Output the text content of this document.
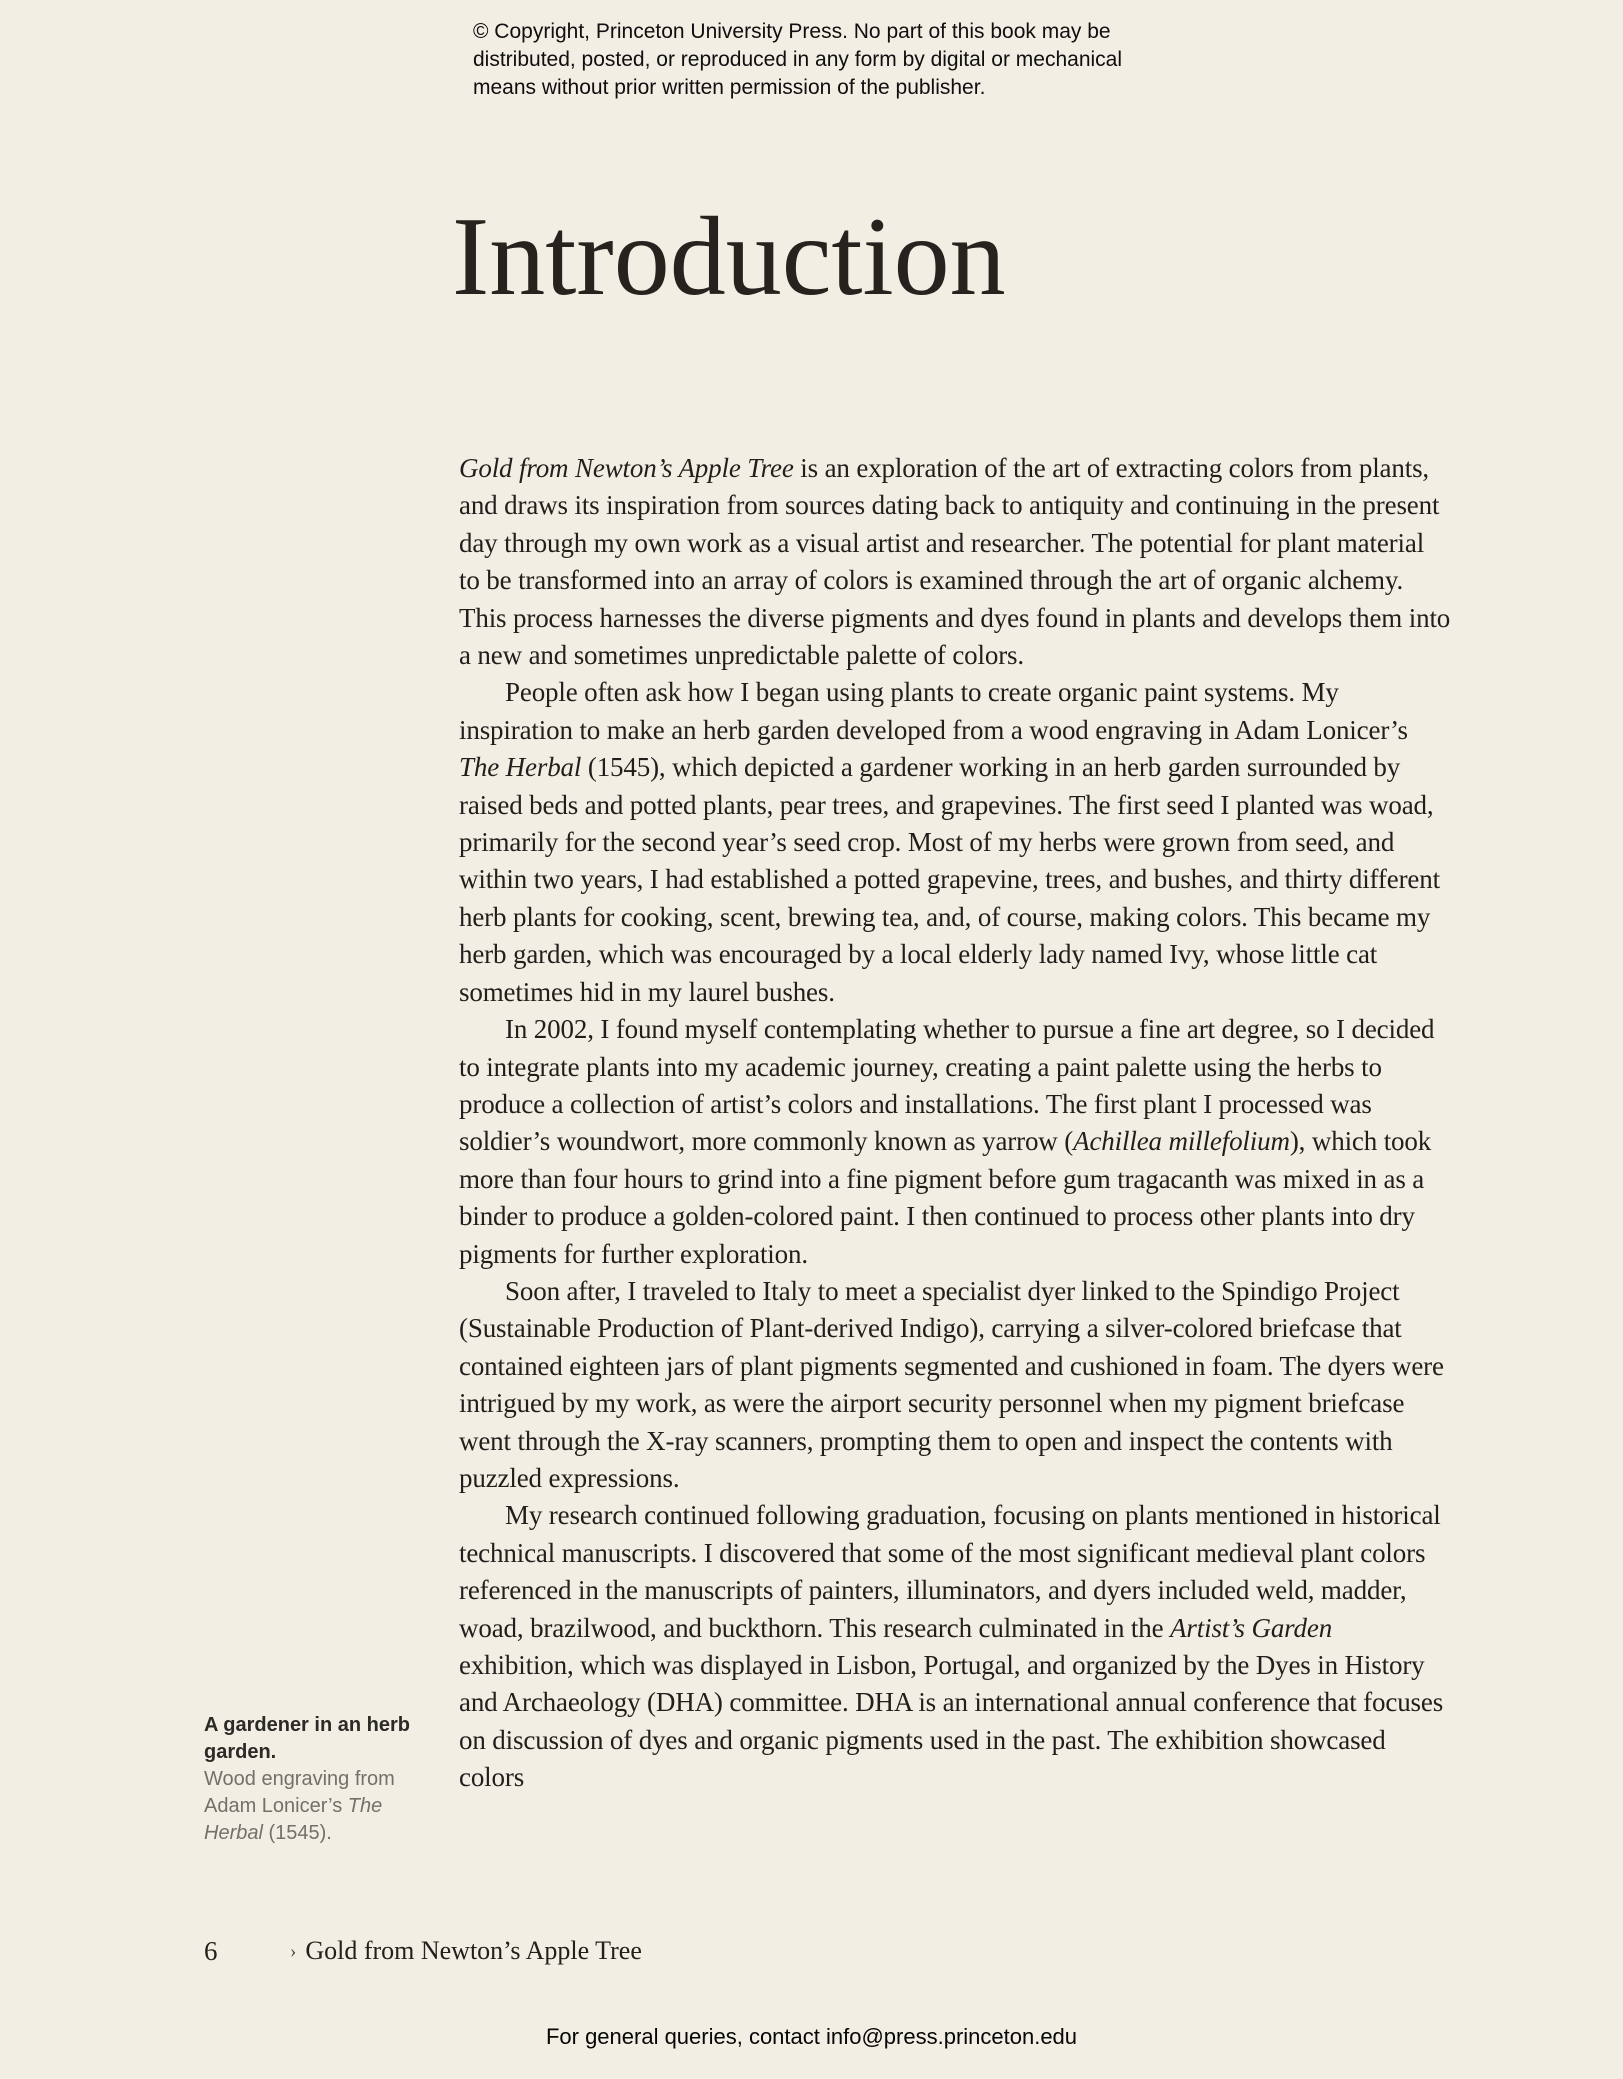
© Copyright, Princeton University Press. No part of this book may be distributed, posted, or reproduced in any form by digital or mechanical means without prior written permission of the publisher.
Introduction

Gold from Newton’s Apple Tree is an exploration of the art of extracting colors from plants, and draws its inspiration from sources dating back to antiquity and continuing in the present day through my own work as a visual artist and researcher. The potential for plant material to be transformed into an array of colors is examined through the art of organic alchemy. This process harnesses the diverse pigments and dyes found in plants and develops them into a new and sometimes unpredictable palette of colors.

People often ask how I began using plants to create organic paint systems. My inspiration to make an herb garden developed from a wood engraving in Adam Lonicer’s The Herbal (1545), which depicted a gardener working in an herb garden surrounded by raised beds and potted plants, pear trees, and grapevines. The first seed I planted was woad, primarily for the second year’s seed crop. Most of my herbs were grown from seed, and within two years, I had established a potted grapevine, trees, and bushes, and thirty different herb plants for cooking, scent, brewing tea, and, of course, making colors. This became my herb garden, which was encouraged by a local elderly lady named Ivy, whose little cat sometimes hid in my laurel bushes.

In 2002, I found myself contemplating whether to pursue a fine art degree, so I decided to integrate plants into my academic journey, creating a paint palette using the herbs to produce a collection of artist’s colors and installations. The first plant I processed was soldier’s woundwort, more commonly known as yarrow (Achillea millefolium), which took more than four hours to grind into a fine pigment before gum tragacanth was mixed in as a binder to produce a golden-colored paint. I then continued to process other plants into dry pigments for further exploration.

Soon after, I traveled to Italy to meet a specialist dyer linked to the Spindigo Project (Sustainable Production of Plant-derived Indigo), carrying a silver-colored briefcase that contained eighteen jars of plant pigments segmented and cushioned in foam. The dyers were intrigued by my work, as were the airport security personnel when my pigment briefcase went through the X-ray scanners, prompting them to open and inspect the contents with puzzled expressions.

My research continued following graduation, focusing on plants mentioned in historical technical manuscripts. I discovered that some of the most significant medieval plant colors referenced in the manuscripts of painters, illuminators, and dyers included weld, madder, woad, brazilwood, and buckthorn. This research culminated in the Artist’s Garden exhibition, which was displayed in Lisbon, Portugal, and organized by the Dyes in History and Archaeology (DHA) committee. DHA is an international annual conference that focuses on discussion of dyes and organic pigments used in the past. The exhibition showcased colors

A gardener in an herb garden.
Wood engraving from Adam Lonicer’s The Herbal (1545).
6	› Gold from Newton’s Apple Tree
For general queries, contact info@press.princeton.edu
